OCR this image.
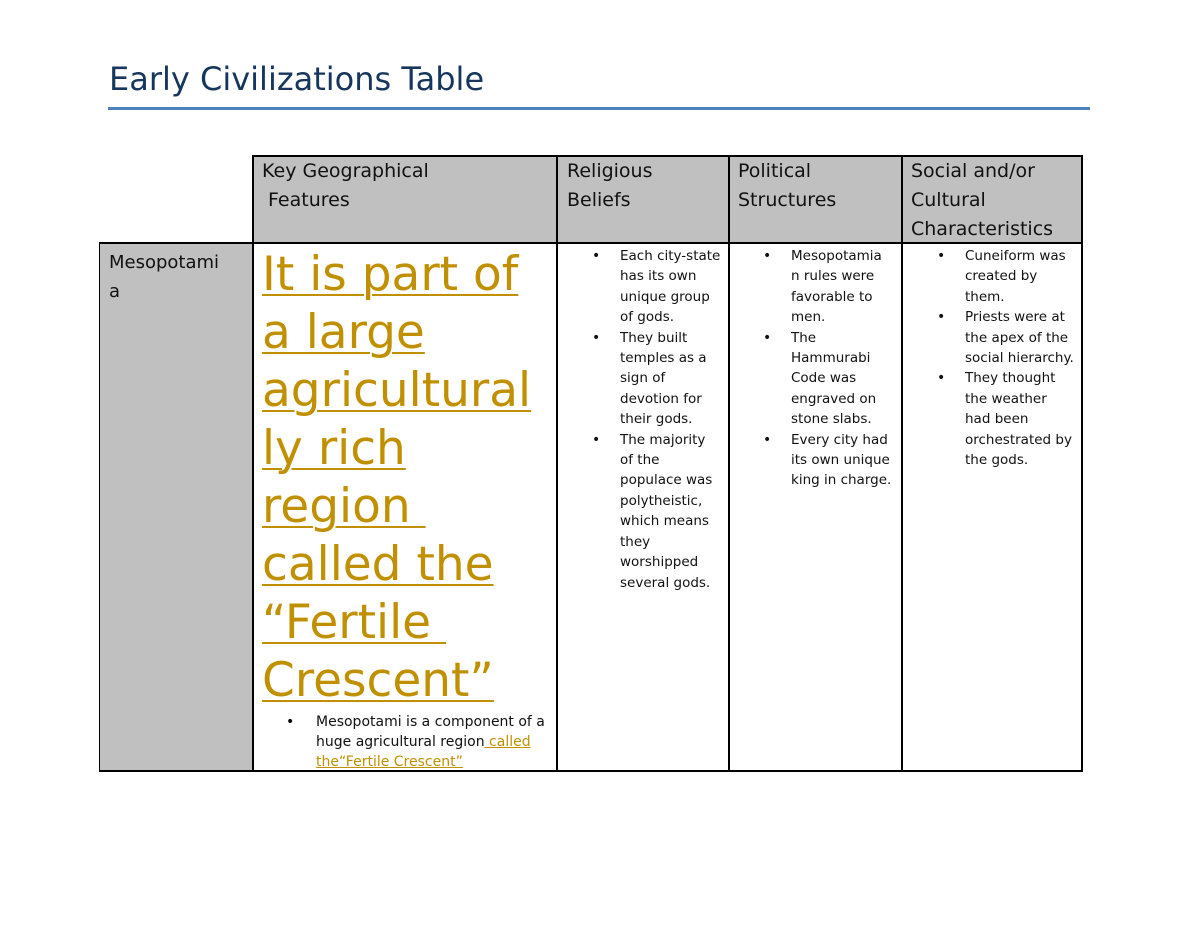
Early Civilizations Table
Key Geographical
Features
Religious
Beliefs
Political
Structures
Social and/or
Cultural
Characteristics
Mesopotami
a	It is part of
a large
agricultural
ly rich
region
called the
“Fertile
Crescent”
• Mesopotami is a component of a
huge agricultural region called
the“Fertile Crescent”
• Each city-state
has its own
unique group
of gods.
• They built
temples as a
sign of
devotion for
their gods.
• The majority
of the
populace was
polytheistic,
which means
they
worshipped
several gods.
• Mesopotamia
n rules were
favorable to
men.
• The
Hammurabi
Code was
engraved on
stone slabs.
• Every city had
its own unique
king in charge.
• Cuneiform was
created by
them.
• Priests were at
the apex of the
social hierarchy.
• They thought
the weather
had been
orchestrated by
the gods.
